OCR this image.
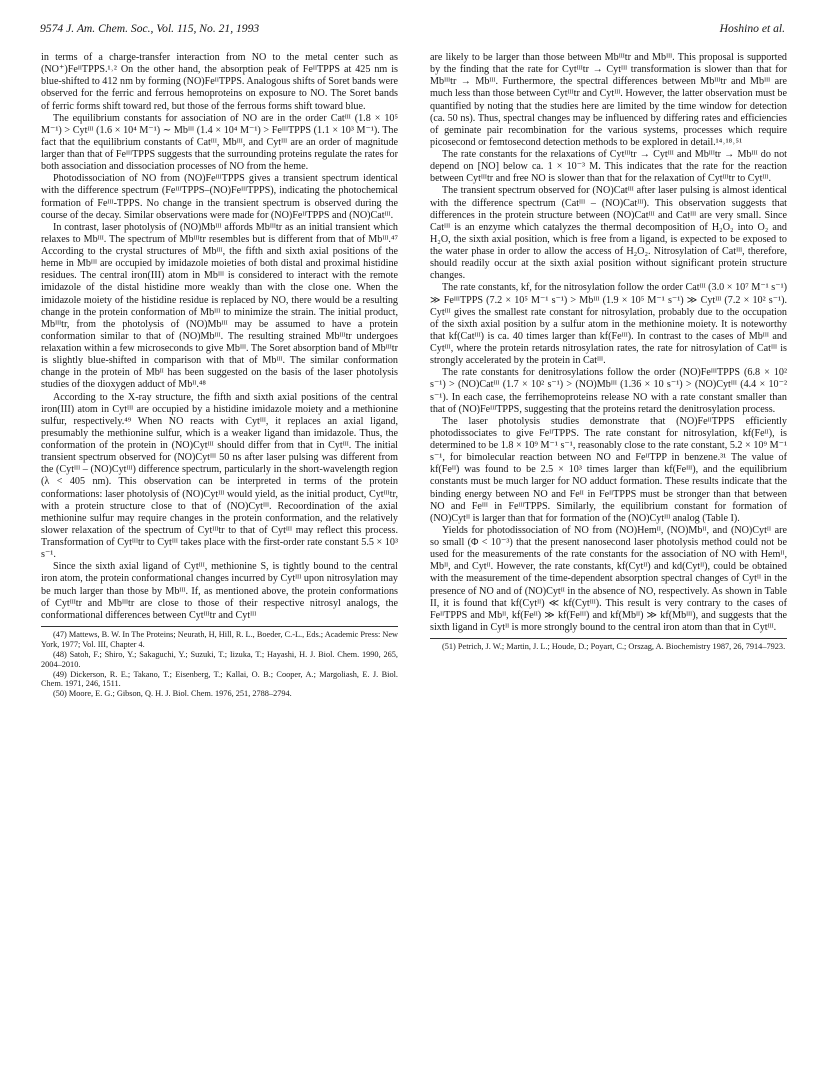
9574 J. Am. Chem. Soc., Vol. 115, No. 21, 1993	Hoshino et al.

in terms of a charge-transfer interaction from NO to the metal center such as (NO⁺)FeᴵᴵTPPS.¹˒² On the other hand, the absorption peak of FeᴵᴵTPPS at 425 nm is blue-shifted to 412 nm by forming (NO)FeᴵᴵTPPS. Analogous shifts of Soret bands were observed for the ferric and ferrous hemoproteins on exposure to NO. The Soret bands of ferric forms shift toward red, but those of the ferrous forms shift toward blue.

The equilibrium constants for association of NO are in the order Catᴵᴵᴵ (1.8 × 10⁵ M⁻¹) > Cytᴵᴵᴵ (1.6 × 10⁴ M⁻¹) ∼ Mbᴵᴵᴵ (1.4 × 10⁴ M⁻¹) > FeᴵᴵᴵTPPS (1.1 × 10³ M⁻¹). The fact that the equilibrium constants of Catᴵᴵᴵ, Mbᴵᴵᴵ, and Cytᴵᴵᴵ are an order of magnitude larger than that of FeᴵᴵᴵTPPS suggests that the surrounding proteins regulate the rates for both association and dissociation processes of NO from the heme.

Photodissociation of NO from (NO)FeᴵᴵᴵTPPS gives a transient spectrum identical with the difference spectrum (FeᴵᴵᴵTPPS–(NO)FeᴵᴵᴵTPPS), indicating the photochemical formation of Feᴵᴵᴵ-TPPS. No change in the transient spectrum is observed during the course of the decay. Similar observations were made for (NO)FeᴵᴵTPPS and (NO)Catᴵᴵᴵ.

In contrast, laser photolysis of (NO)Mbᴵᴵᴵ affords Mbᴵᴵᴵtr as an initial transient which relaxes to Mbᴵᴵᴵ. The spectrum of Mbᴵᴵᴵtr resembles but is different from that of Mbᴵᴵᴵ.⁴⁷ According to the crystal structures of Mbᴵᴵᴵ, the fifth and sixth axial positions of the heme in Mbᴵᴵᴵ are occupied by imidazole moieties of both distal and proximal histidine residues. The central iron(III) atom in Mbᴵᴵᴵ is considered to interact with the remote imidazole of the distal histidine more weakly than with the close one. When the imidazole moiety of the histidine residue is replaced by NO, there would be a resulting change in the protein conformation of Mbᴵᴵᴵ to minimize the strain. The initial product, Mbᴵᴵᴵtr, from the photolysis of (NO)Mbᴵᴵᴵ may be assumed to have a protein conformation similar to that of (NO)Mbᴵᴵᴵ. The resulting strained Mbᴵᴵᴵtr undergoes relaxation within a few microseconds to give Mbᴵᴵᴵ. The Soret absorption band of Mbᴵᴵᴵtr is slightly blue-shifted in comparison with that of Mbᴵᴵᴵ. The similar conformation change in the protein of Mbᴵᴵ has been suggested on the basis of the laser photolysis studies of the dioxygen adduct of Mbᴵᴵ.⁴⁸

According to the X-ray structure, the fifth and sixth axial positions of the central iron(III) atom in Cytᴵᴵᴵ are occupied by a histidine imidazole moiety and a methionine sulfur, respectively.⁴⁹ When NO reacts with Cytᴵᴵᴵ, it replaces an axial ligand, presumably the methionine sulfur, which is a weaker ligand than imidazole. Thus, the conformation of the protein in (NO)Cytᴵᴵᴵ should differ from that in Cytᴵᴵᴵ. The initial transient spectrum observed for (NO)Cytᴵᴵᴵ 50 ns after laser pulsing was different from the (Cytᴵᴵᴵ – (NO)Cytᴵᴵᴵ) difference spectrum, particularly in the short-wavelength region (λ < 405 nm). This observation can be interpreted in terms of the protein conformations: laser photolysis of (NO)Cytᴵᴵᴵ would yield, as the initial product, Cytᴵᴵᴵtr, with a protein structure close to that of (NO)Cytᴵᴵᴵ. Recoordination of the axial methionine sulfur may require changes in the protein conformation, and the relatively slower relaxation of the spectrum of Cytᴵᴵᴵtr to that of Cytᴵᴵᴵ may reflect this process. Transformation of Cytᴵᴵᴵtr to Cytᴵᴵᴵ takes place with the first-order rate constant 5.5 × 10³ s⁻¹.

Since the sixth axial ligand of Cytᴵᴵᴵ, methionine S, is tightly bound to the central iron atom, the protein conformational changes incurred by Cytᴵᴵᴵ upon nitrosylation may be much larger than those by Mbᴵᴵᴵ. If, as mentioned above, the protein conformations of Cytᴵᴵᴵtr and Mbᴵᴵᴵtr are close to those of their respective nitrosyl analogs, the conformational differences between Cytᴵᴵᴵtr and Cytᴵᴵᴵ

(47) Mattews, B. W. In The Proteins; Neurath, H, Hill, R. L., Boeder, C.-L., Eds.; Academic Press: New York, 1977; Vol. III, Chapter 4.

(48) Satoh, F.; Shiro, Y.; Sakaguchi, Y.; Suzuki, T.; Iizuka, T.; Hayashi, H. J. Biol. Chem. 1990, 265, 2004–2010.

(49) Dickerson, R. E.; Takano, T.; Eisenberg, T.; Kallai, O. B.; Cooper, A.; Margoliash, E. J. Biol. Chem. 1971, 246, 1511.

(50) Moore, E. G.; Gibson, Q. H. J. Biol. Chem. 1976, 251, 2788–2794.

are likely to be larger than those between Mbᴵᴵᴵtr and Mbᴵᴵᴵ. This proposal is supported by the finding that the rate for Cytᴵᴵᴵtr → Cytᴵᴵᴵ transformation is slower than that for Mbᴵᴵᴵtr → Mbᴵᴵᴵ. Furthermore, the spectral differences between Mbᴵᴵᴵtr and Mbᴵᴵᴵ are much less than those between Cytᴵᴵᴵtr and Cytᴵᴵᴵ. However, the latter observation must be quantified by noting that the studies here are limited by the time window for detection (ca. 50 ns). Thus, spectral changes may be influenced by differing rates and efficiencies of geminate pair recombination for the various systems, processes which require picosecond or femtosecond detection methods to be explored in detail.¹⁴˒¹⁸˒⁵¹

The rate constants for the relaxations of Cytᴵᴵᴵtr → Cytᴵᴵᴵ and Mbᴵᴵᴵtr → Mbᴵᴵᴵ do not depend on [NO] below ca. 1 × 10⁻³ M. This indicates that the rate for the reaction between Cytᴵᴵᴵtr and free NO is slower than that for the relaxation of Cytᴵᴵᴵtr to Cytᴵᴵᴵ.

The transient spectrum observed for (NO)Catᴵᴵᴵ after laser pulsing is almost identical with the difference spectrum (Catᴵᴵᴵ – (NO)Catᴵᴵᴵ). This observation suggests that differences in the protein structure between (NO)Catᴵᴵᴵ and Catᴵᴵᴵ are very small. Since Catᴵᴵᴵ is an enzyme which catalyzes the thermal decomposition of H₂O₂ into O₂ and H₂O, the sixth axial position, which is free from a ligand, is expected to be exposed to the water phase in order to allow the access of H₂O₂. Nitrosylation of Catᴵᴵᴵ, therefore, should readily occur at the sixth axial position without significant protein structure changes.

The rate constants, kf, for the nitrosylation follow the order Catᴵᴵᴵ (3.0 × 10⁷ M⁻¹ s⁻¹) ≫ FeᴵᴵᴵTPPS (7.2 × 10⁵ M⁻¹ s⁻¹) > Mbᴵᴵᴵ (1.9 × 10⁵ M⁻¹ s⁻¹) ≫ Cytᴵᴵᴵ (7.2 × 10² s⁻¹). Cytᴵᴵᴵ gives the smallest rate constant for nitrosylation, probably due to the occupation of the sixth axial position by a sulfur atom in the methionine moiety. It is noteworthy that kf(Catᴵᴵᴵ) is ca. 40 times larger than kf(Feᴵᴵᴵ). In contrast to the cases of Mbᴵᴵᴵ and Cytᴵᴵᴵ, where the protein retards nitrosylation rates, the rate for nitrosylation of Catᴵᴵᴵ is strongly accelerated by the protein in Catᴵᴵᴵ.

The rate constants for denitrosylations follow the order (NO)FeᴵᴵᴵTPPS (6.8 × 10² s⁻¹) > (NO)Catᴵᴵᴵ (1.7 × 10² s⁻¹) > (NO)Mbᴵᴵᴵ (1.36 × 10 s⁻¹) > (NO)Cytᴵᴵᴵ (4.4 × 10⁻² s⁻¹). In each case, the ferrihemoproteins release NO with a rate constant smaller than that of (NO)FeᴵᴵᴵTPPS, suggesting that the proteins retard the denitrosylation process.

The laser photolysis studies demonstrate that (NO)FeᴵᴵTPPS efficiently photodissociates to give FeᴵᴵTPPS. The rate constant for nitrosylation, kf(Feᴵᴵ), is determined to be 1.8 × 10⁹ M⁻¹ s⁻¹, reasonably close to the rate constant, 5.2 × 10⁹ M⁻¹ s⁻¹, for bimolecular reaction between NO and FeᴵᴵTPP in benzene.³¹ The value of kf(Feᴵᴵ) was found to be 2.5 × 10³ times larger than kf(Feᴵᴵᴵ), and the equilibrium constants must be much larger for NO adduct formation. These results indicate that the binding energy between NO and Feᴵᴵ in FeᴵᴵTPPS must be stronger than that between NO and Feᴵᴵᴵ in FeᴵᴵᴵTPPS. Similarly, the equilibrium constant for formation of (NO)Cytᴵᴵ is larger than that for formation of the (NO)Cytᴵᴵᴵ analog (Table I).

Yields for photodissociation of NO from (NO)Hemᴵᴵ, (NO)Mbᴵᴵ, and (NO)Cytᴵᴵ are so small (Φ < 10⁻³) that the present nanosecond laser photolysis method could not be used for the measurements of the rate constants for the association of NO with Hemᴵᴵ, Mbᴵᴵ, and Cytᴵᴵ. However, the rate constants, kf(Cytᴵᴵ) and kd(Cytᴵᴵ), could be obtained with the measurement of the time-dependent absorption spectral changes of Cytᴵᴵ in the presence of NO and of (NO)Cytᴵᴵ in the absence of NO, respectively. As shown in Table II, it is found that kf(Cytᴵᴵ) ≪ kf(Cytᴵᴵᴵ). This result is very contrary to the cases of FeᴵᴵTPPS and Mbᴵᴵ, kf(Feᴵᴵ) ≫ kf(Feᴵᴵᴵ) and kf(Mbᴵᴵ) ≫ kf(Mbᴵᴵᴵ), and suggests that the sixth ligand in Cytᴵᴵ is more strongly bound to the central iron atom than that in Cytᴵᴵᴵ.

(51) Petrich, J. W.; Martin, J. L.; Houde, D.; Poyart, C.; Orszag, A. Biochemistry 1987, 26, 7914–7923.
